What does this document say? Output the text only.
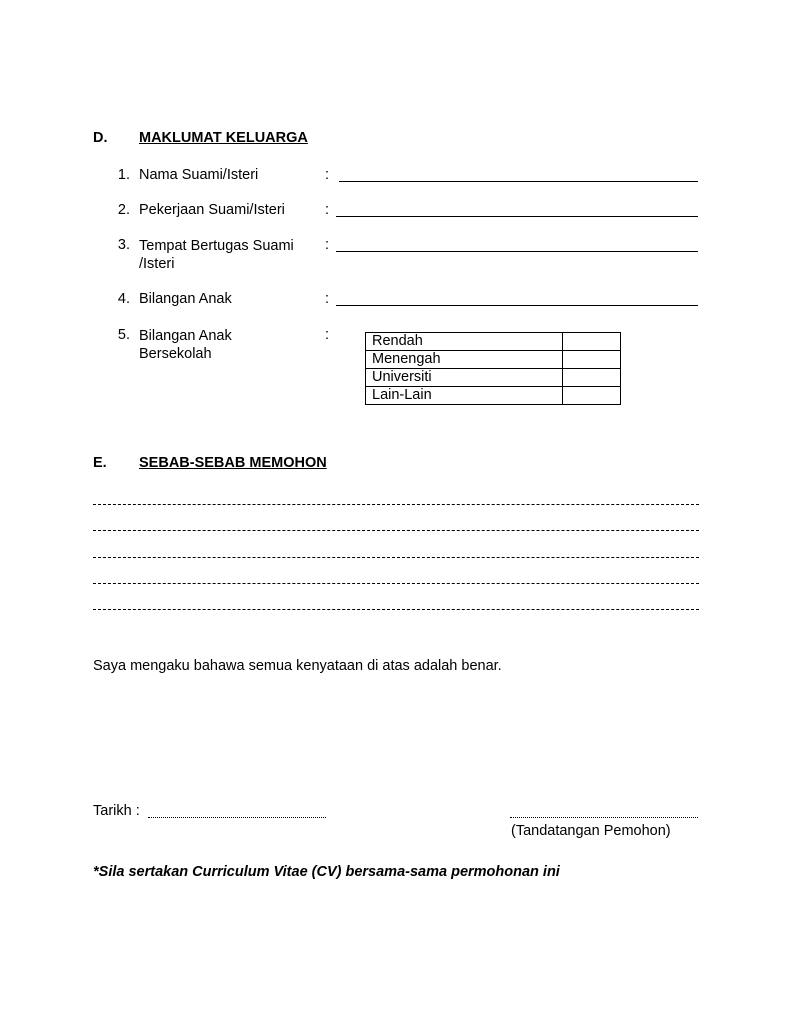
D. MAKLUMAT KELUARGA
1. Nama Suami/Isteri	:
2. Pekerjaan Suami/Isteri	:
3. Tempat Bertugas Suami /Isteri
:
4. Bilangan Anak	:
5. Bilangan Anak Bersekolah
:	Rendah	
Menengah	
Universiti	
Lain-Lain	
E. SEBAB-SEBAB MEMOHON
Saya mengaku bahawa semua kenyataan di atas adalah benar.
Tarikh :
(Tandatangan Pemohon)
*Sila sertakan Curriculum Vitae (CV) bersama-sama permohonan ini
